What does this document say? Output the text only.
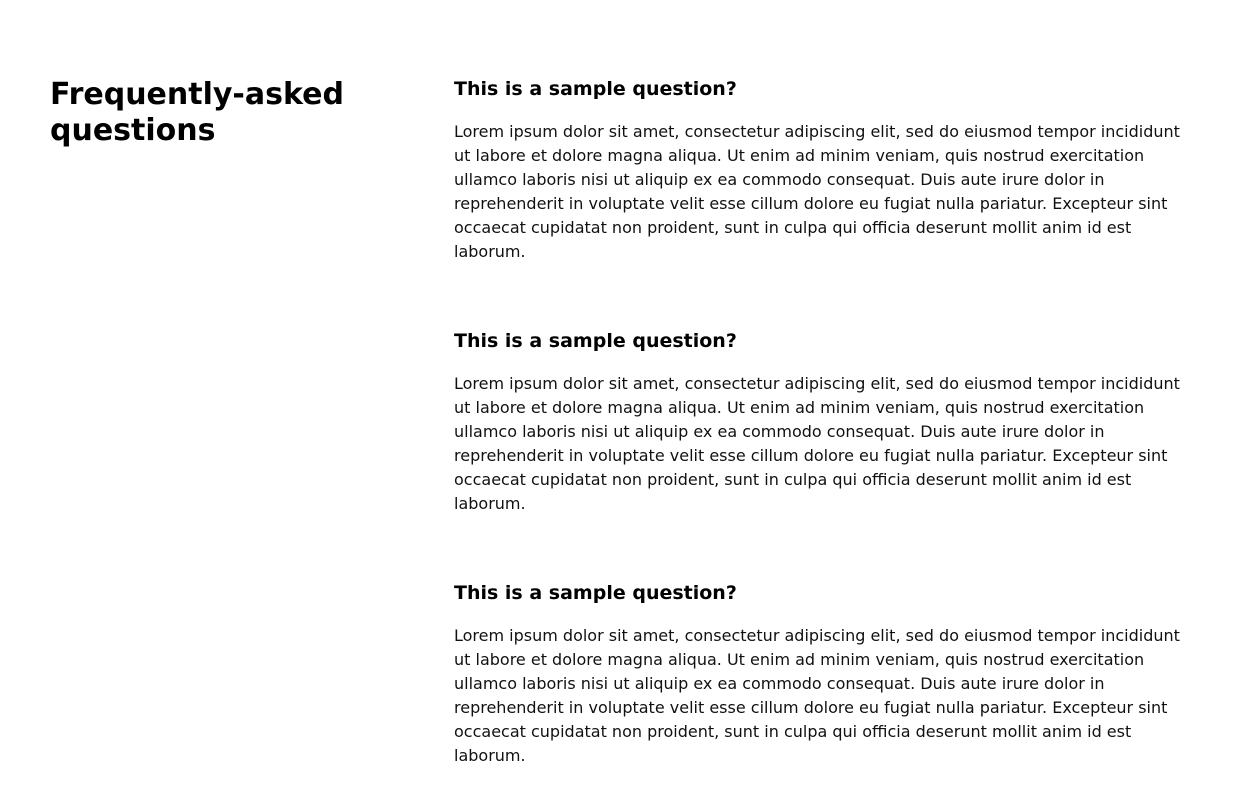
Frequently-asked questions
This is a sample question?

Lorem ipsum dolor sit amet, consectetur adipiscing elit, sed do eiusmod tempor incididunt ut labore et dolore magna aliqua. Ut enim ad minim veniam, quis nostrud exercitation ullamco laboris nisi ut aliquip ex ea commodo consequat. Duis aute irure dolor in reprehenderit in voluptate velit esse cillum dolore eu fugiat nulla pariatur. Excepteur sint occaecat cupidatat non proident, sunt in culpa qui officia deserunt mollit anim id est laborum.

This is a sample question?

Lorem ipsum dolor sit amet, consectetur adipiscing elit, sed do eiusmod tempor incididunt ut labore et dolore magna aliqua. Ut enim ad minim veniam, quis nostrud exercitation ullamco laboris nisi ut aliquip ex ea commodo consequat. Duis aute irure dolor in reprehenderit in voluptate velit esse cillum dolore eu fugiat nulla pariatur. Excepteur sint occaecat cupidatat non proident, sunt in culpa qui officia deserunt mollit anim id est laborum.

This is a sample question?

Lorem ipsum dolor sit amet, consectetur adipiscing elit, sed do eiusmod tempor incididunt ut labore et dolore magna aliqua. Ut enim ad minim veniam, quis nostrud exercitation ullamco laboris nisi ut aliquip ex ea commodo consequat. Duis aute irure dolor in reprehenderit in voluptate velit esse cillum dolore eu fugiat nulla pariatur. Excepteur sint occaecat cupidatat non proident, sunt in culpa qui officia deserunt mollit anim id est laborum.
